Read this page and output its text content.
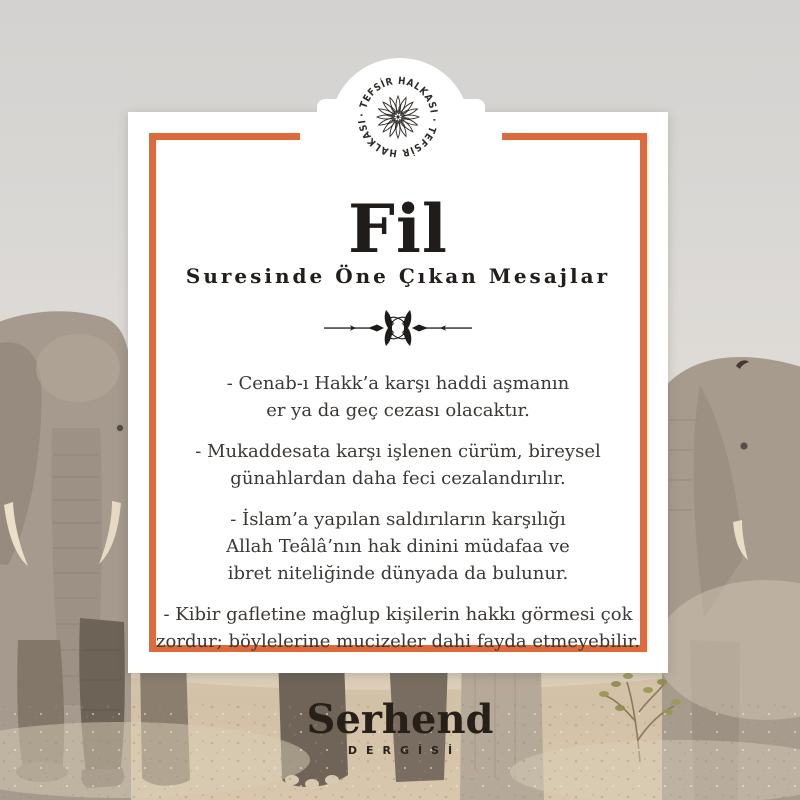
Fil
Suresinde Öne Çıkan Mesajlar

- Cenab-ı Hakk’a karşı haddi aşmanın er ya da geç cezası olacaktır.

- Mukaddesata karşı işlenen cürüm, bireysel günahlardan daha feci cezalandırılır.

- İslam’a yapılan saldırıların karşılığı Allah Teâlâ’nın hak dinini müdafaa ve ibret niteliğinde dünyada da bulunur.

- Kibir gafletine mağlup kişilerin hakkı görmesi çok zordur; böylelerine mucizeler dahi fayda etmeyebilir.

· TEFSİR HALKASI · TEFSİR HALKASI
Serhend
DERGİSİ
